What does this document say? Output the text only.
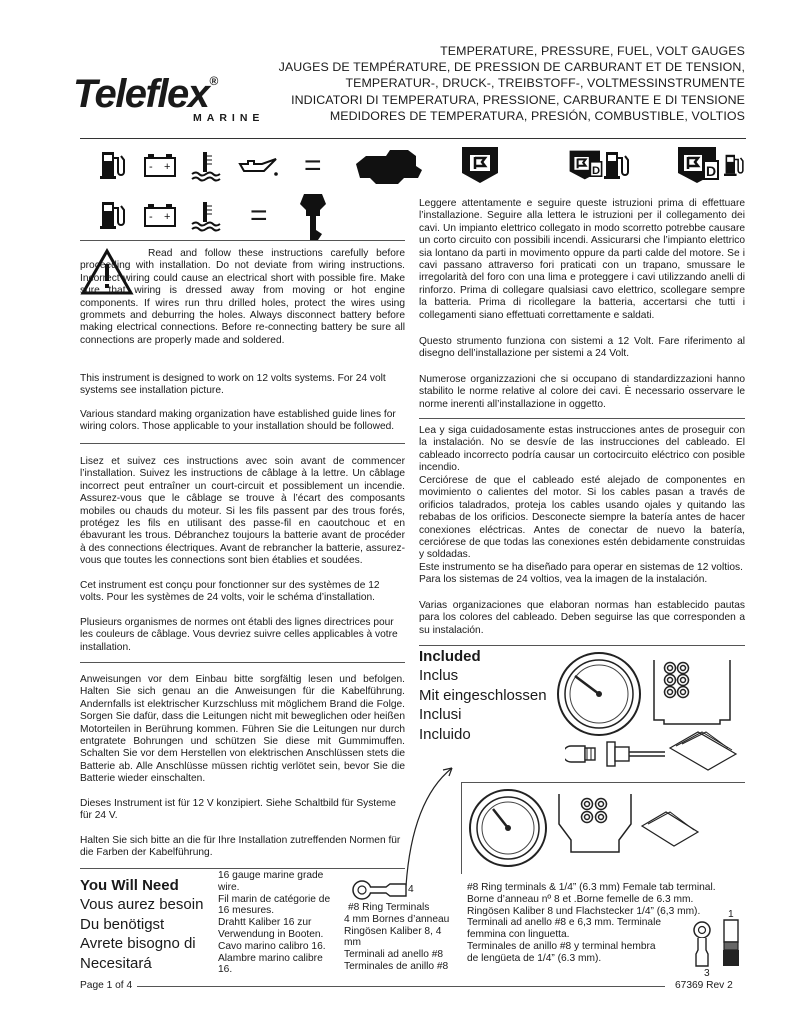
Teleflex ®
MARINE
TEMPERATURE, PRESSURE, FUEL, VOLT GAUGES
JAUGES DE TEMPÉRATURE, DE PRESSION DE CARBURANT ET DE TENSION,
TEMPERATUR-, DRUCK-, TREIBSTOFF-, VOLTMESSINSTRUMENTE
INDICATORI DI TEMPERATURA, PRESSIONE, CARBURANTE E DI TENSIONE
MEDIDORES DE TEMPERATURA, PRESIÓN, COMBUSTIBLE, VOLTIOS
- +	=	D
D
- +	=

Read and follow these instructions carefully before proceeding with installation. Do not deviate from wiring instructions. Incorrect wiring could cause an electrical short with possible fire. Make sure that wiring is dressed away from moving or hot engine components. If wires run thru drilled holes, protect the wires using grommets and deburring the holes. Always disconnect battery before making electrical connections. Before re-connecting battery be sure all connections are properly made and soldered.

This instrument is designed to work on 12 volts systems. For 24 volt systems see installation picture.

Various standard making organization have established guide lines for wiring colors. Those applicable to your installation should be followed.

Lisez et suivez ces instructions avec soin avant de commencer l’installation. Suivez les instructions de câblage à la lettre. Un câblage incorrect peut entraîner un court-circuit et possiblement un incendie. Assurez-vous que le câblage se trouve à l’écart des composants mobiles ou chauds du moteur. Si les fils passent par des trous forés, protégez les fils en utilisant des passe-fil en caoutchouc et en ébavurant les trous. Débranchez toujours la batterie avant de procéder à des connections électriques. Avant de rebrancher la batterie, assurez-vous que toutes les connections sont bien établies et soudées.

Cet instrument est conçu pour fonctionner sur des systèmes de 12 volts. Pour les systèmes de 24 volts, voir le schéma d’installation.

Plusieurs organismes de normes ont établi des lignes directrices pour les couleurs de câblage. Vous devriez suivre celles applicables à votre installation.

Anweisungen vor dem Einbau bitte sorgfältig lesen und befolgen. Halten Sie sich genau an die Anweisungen für die Kabelführung. Andernfalls ist elektrischer Kurzschluss mit möglichem Brand die Folge. Sorgen Sie dafür, dass die Leitungen nicht mit beweglichen oder heißen Motorteilen in Berührung kommen. Führen Sie die Leitungen nur durch entgratete Bohrungen und schützen Sie diese mit Gummimuffen. Schalten Sie vor dem Herstellen von elektrischen Anschlüssen stets die Batterie ab. Alle Anschlüsse müssen richtig verlötet sein, bevor Sie die Batterie wieder einschalten.

Dieses Instrument ist für 12 V konzipiert. Siehe Schaltbild für Systeme für 24 V.

Halten Sie sich bitte an die für Ihre Installation zutreffenden Normen für die Farben der Kabelführung.

Leggere attentamente e seguire queste istruzioni prima di effettuare l’installazione. Seguire alla lettera le istruzioni per il collegamento dei cavi. Un impianto elettrico collegato in modo scorretto potrebbe causare un corto circuito con possibili incendi. Assicurarsi che l’impianto elettrico sia lontano da parti in movimento oppure da parti calde del motore. Se i cavi passano attraverso fori praticati con un trapano, smussare le irregolarità del foro con una lima e proteggere i cavi utilizzando anelli di rinforzo. Prima di collegare qualsiasi cavo elettrico, scollegare sempre la batteria. Prima di ricollegare la batteria, accertarsi che tutti i collegamenti siano effettuati correttamente e saldati.

Questo strumento funziona con sistemi a 12 Volt. Fare riferimento al disegno dell’installazione per sistemi a 24 Volt.

Numerose organizzazioni che si occupano di standardizzazioni hanno stabilito le norme relative al colore dei cavi. È necessario osservare le norme inerenti all’installazione in oggetto.

Lea y siga cuidadosamente estas instrucciones antes de proseguir con la instalación. No se desvíe de las instrucciones del cableado. El cableado incorrecto podría causar un cortocircuito eléctrico con posible incendio.

Cerciórese de que el cableado esté alejado de componentes en movimiento o calientes del motor. Si los cables pasan a través de orificios taladrados, proteja los cables usando ojales y quitando las rebabas de los orificios. Desconecte siempre la batería antes de hacer conexiones eléctricas. Antes de conectar de nuevo la batería, cerciórese de que todas las conexiones estén debidamente construidas y soldadas.

Este instrumento se ha diseñado para operar en sistemas de 12 voltios. Para los sistemas de 24 voltios, vea la imagen de la instalación.

Varias organizaciones que elaboran normas han establecido pautas para los colores del cableado. Deben seguirse las que corresponden a su instalación.

Included
Inclus
Mit eingeschlossen
Inclusi
Incluido
You Will Need
Vous aurez besoin
Du benötigst
Avrete bisogno di
Necesitará
16 gauge marine grade wire.
Fil marin de catégorie de 16 mesures.
Drahtt Kaliber 16 zur Verwendung in Booten.
Cavo marino calibro 16.
Alambre marino calibre 16.
4
#8 Ring Terminals
4 mm Bornes d’anneau
Ringösen Kaliber 8, 4 mm
Terminali ad anello #8
Terminales de anillo #8
#8 Ring terminals & 1/4” (6.3 mm) Female tab terminal.
Borne d’anneau nº 8 et .Borne femelle de 6.3 mm.
Ringösen Kaliber 8 und Flachstecker 1/4” (6,3 mm).
Terminali ad anello #8 e 6,3 mm. Terminale femmina con linguetta.
Terminales de anillo #8 y terminal hembra de lengüeta de 1/4” (6.3 mm).
1
3
Page 1 of 4	67369 Rev 2
